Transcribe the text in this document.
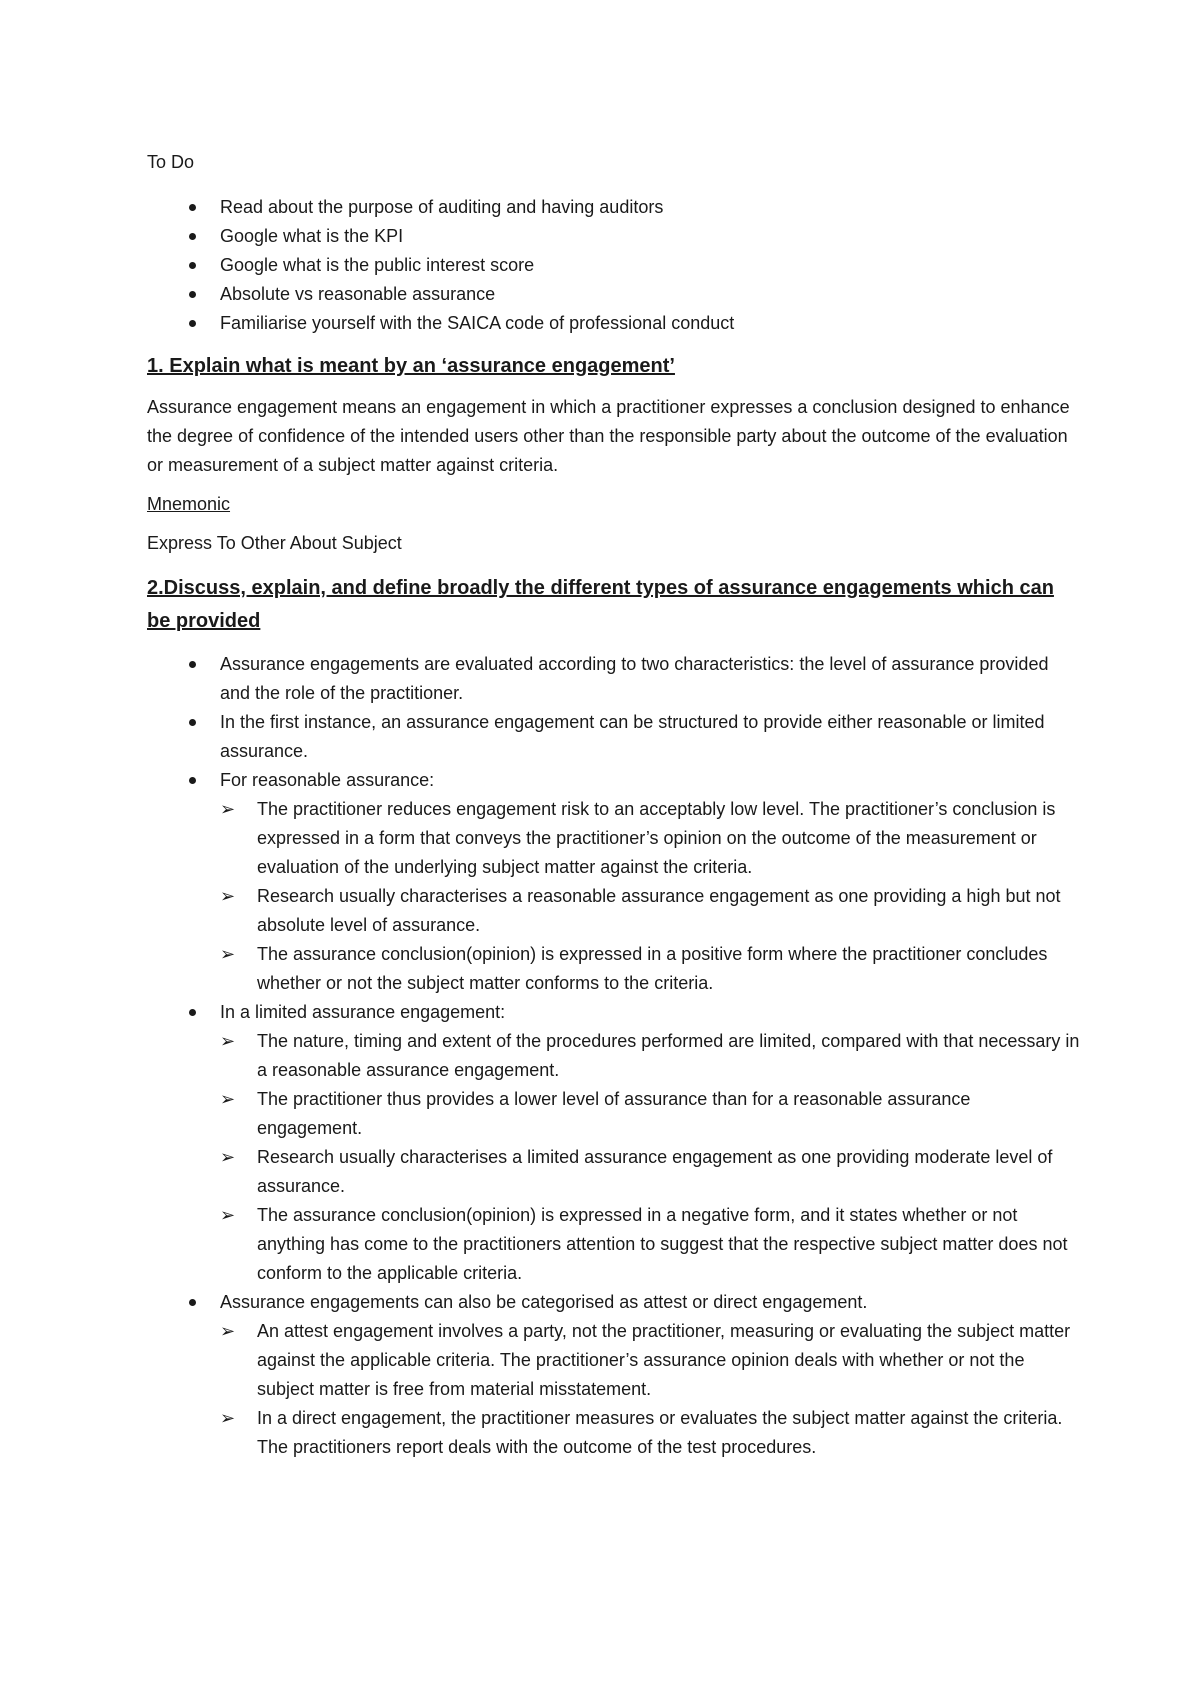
To Do

Read about the purpose of auditing and having auditors
Google what is the KPI
Google what is the public interest score
Absolute vs reasonable assurance
Familiarise yourself with the SAICA code of professional conduct

1. Explain what is meant by an ‘assurance engagement’

Assurance engagement means an engagement in which a practitioner expresses a conclusion designed to enhance the degree of confidence of the intended users other than the responsible party about the outcome of the evaluation or measurement of a subject matter against criteria.

Mnemonic

Express To Other About Subject

2.Discuss, explain, and define broadly the different types of assurance engagements which can be provided

Assurance engagements are evaluated according to two characteristics: the level of assurance provided and the role of the practitioner.
In the first instance, an assurance engagement can be structured to provide either reasonable or limited assurance.
For reasonable assurance:
➢ The practitioner reduces engagement risk to an acceptably low level. The practitioner’s conclusion is expressed in a form that conveys the practitioner’s opinion on the outcome of the measurement or evaluation of the underlying subject matter against the criteria.
➢ Research usually characterises a reasonable assurance engagement as one providing a high but not absolute level of assurance.
➢ The assurance conclusion(opinion) is expressed in a positive form where the practitioner concludes whether or not the subject matter conforms to the criteria.
In a limited assurance engagement:
➢ The nature, timing and extent of the procedures performed are limited, compared with that necessary in a reasonable assurance engagement.
➢ The practitioner thus provides a lower level of assurance than for a reasonable assurance engagement.
➢ Research usually characterises a limited assurance engagement as one providing moderate level of assurance.
➢ The assurance conclusion(opinion) is expressed in a negative form, and it states whether or not anything has come to the practitioners attention to suggest that the respective subject matter does not conform to the applicable criteria.
Assurance engagements can also be categorised as attest or direct engagement.
➢ An attest engagement involves a party, not the practitioner, measuring or evaluating the subject matter against the applicable criteria. The practitioner’s assurance opinion deals with whether or not the subject matter is free from material misstatement.
➢ In a direct engagement, the practitioner measures or evaluates the subject matter against the criteria. The practitioners report deals with the outcome of the test procedures.
